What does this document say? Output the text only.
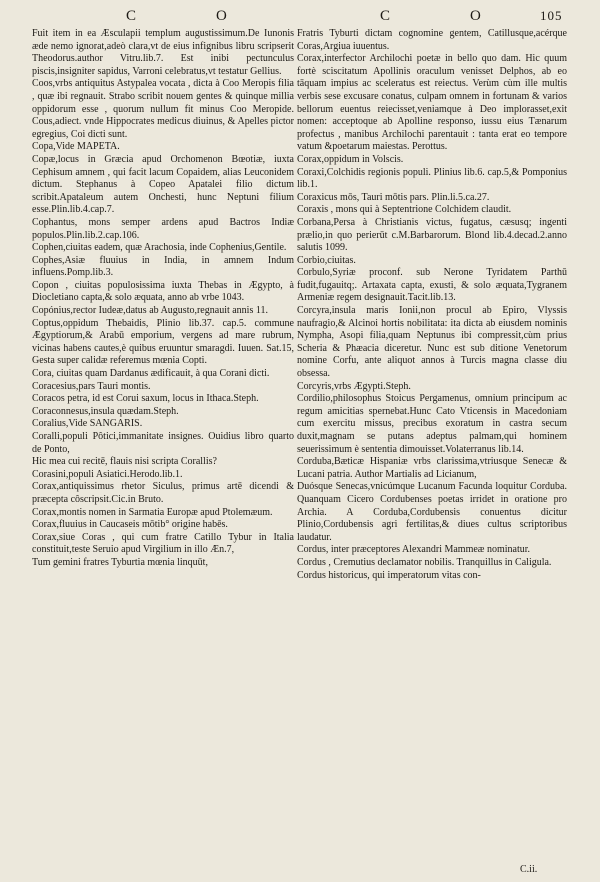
C	O	C	O	105

Fuit item in ea Æsculapii templum augustissimum.De Iunonis æde nemo ignorat,adeò clara,vt de eius infignibus libru scripserit Theodorus.author Vitru.lib.7. Est inibi pectunculus piscis,insigniter sapidus, Varroni celebratus,vt testatur Gellius.

Coos,vrbs antiquitus Astypalea vocata , dicta à Coo Meropis filia , quæ ibi regnauit. Strabo scribit nouem gentes & quinque millia oppidorum esse , quorum nullum fit minus Coo Meropide. Cous,adiect. vnde Hippocrates medicus diuinus, & Apelles pictor egregius, Coi dicti sunt.

Copa,Vide MAPETA.

Copæ,locus in Græcia apud Orchomenon Bœotiæ, iuxta Cephisum amnem , qui facit lacum Copaidem, alias Leuconidem dictum. Stephanus à Copeo Apatalei filio dictum scribit.Apataleum autem Onchesti, hunc Neptuni filium esse.Plin.lib.4.cap.7.

Cophantus, mons semper ardens apud Bactros Indiæ populos.Plin.lib.2.cap.106.

Cophen,ciuitas eadem, quæ Arachosia, inde Cophenius,Gentile.

Cophes,Asiæ fluuius in India, in amnem Indum influens.Pomp.lib.3.

Copon , ciuitas populosissima iuxta Thebas in Ægypto, à Diocletiano capta,& solo æquata, anno ab vrbe 1043.

Copónius,rector Iudeæ,datus ab Augusto,regnauit annis 11.

Coptus,oppidum Thebaidis, Plinio lib.37. cap.5. commune Ægyptiorum,& Arabū emporium, vergens ad mare rubrum, vicinas habens cautes,è quibus eruuntur smaragdi. Iuuen. Sat.15, Gesta super calidæ referemus mœnia Copti.

Cora, ciuitas quam Dardanus ædificauit, à qua Corani dicti.

Coracesius,pars Tauri montis.

Coracos petra, id est Corui saxum, locus in Ithaca.Steph.

Coraconnesus,insula quædam.Steph.

Coralius,Vide SANGARIS.

Coralli,populi Pôtici,immanitate insignes. Ouidius libro quarto de Ponto,

Hic mea cui recitē, flauis nisi scripta Corallis?

Corasini,populi Asiatici.Herodo.lib.1.

Corax,antiquissimus rhetor Siculus, primus artē dicendi & præcepta côscripsit.Cic.in Bruto.

Corax,montis nomen in Sarmatia Europæ apud Ptolemæum.

Corax,fluuius in Caucaseis mōtib° origine habēs.

Corax,siue Coras , qui cum fratre Catillo Tybur in Italia constituit,teste Seruio apud Virgilium in illo Æn.7,

Tum gemini fratres Tyburtia mœnia linquūt,

Fratris Tyburti dictam cognomine gentem, Catillusque,acérque Coras,Argiua iuuentus.

Corax,interfector Archilochi poetæ in bello quo dam. Hic quum fortè sciscitatum Apollinis oraculum venisset Delphos, ab eo tāquam impius ac sceleratus est reiectus. Verùm cùm ille multis verbis sese excusare conatus, culpam omnem in fortunam & varios bellorum euentus reiecisset,veniamque à Deo implorasset,exit nomen: acceptoque ab Apolline responso, iussu eius Tænarum profectus , manibus Archilochi parentauit : tanta erat eo tempore vatum &poetarum maiestas. Perottus.

Corax,oppidum in Volscis.

Coraxi,Colchidis regionis populi. Plinius lib.6. cap.5,& Pomponius lib.1.

Coraxicus mōs, Tauri mōtis pars. Plin.li.5.ca.27.

Coraxis , mons qui à Septentrione Colchidem claudit.

Corbana,Persa à Christianis victus, fugatus, cæsusq; ingenti prælio,in quo perierūt c.M.Barbarorum. Blond lib.4.decad.2.anno salutis 1099.

Corbio,ciuitas.

Corbulo,Syriæ proconf. sub Nerone Tyridatem Parthū fudit,fugauitq;. Artaxata capta, exusti, & solo æquata,Tygranem Armeniæ regem designauit.Tacit.lib.13.

Corcyra,insula maris Ionii,non procul ab Epiro, Vlyssis naufragio,& Alcinoi hortis nobilitata: ita dicta ab eiusdem nominis Nympha, Asopi filia,quam Neptunus ibi compressit,cùm prius Scheria & Phæacia diceretur. Nunc est sub ditione Venetorum nomine Corfu, ante aliquot annos à Turcis magna classe diu obsessa.

Corcyris,vrbs Ægypti.Steph.

Cordilio,philosophus Stoicus Pergamenus, omnium principum ac regum amicitias spernebat.Hunc Cato Vticensis in Macedoniam cum exercitu missus, precibus exoratum in castra secum duxit,magnam se putans adeptus palmam,qui hominem seuerissimum è sententia dimouisset.Volaterranus lib.14.

Corduba,Bæticæ Hispaniæ vrbs clarissima,vtriusque Senecæ & Lucani patria. Author Martialis ad Licianum,

Duósque Senecas,vnicúmque Lucanum Facunda loquitur Corduba. Quanquam Cicero Cordubenses poetas irridet in oratione pro Archia. A Corduba,Cordubensis conuentus dicitur Plinio,Cordubensis agri fertilitas,& diues cultus scriptoribus laudatur.

Cordus, inter præceptores Alexandri Mammeæ nominatur.

Cordus , Cremutius declamator nobilis. Tranquillus in Caligula.

Cordus historicus, qui imperatorum vitas con-

C.ii.
